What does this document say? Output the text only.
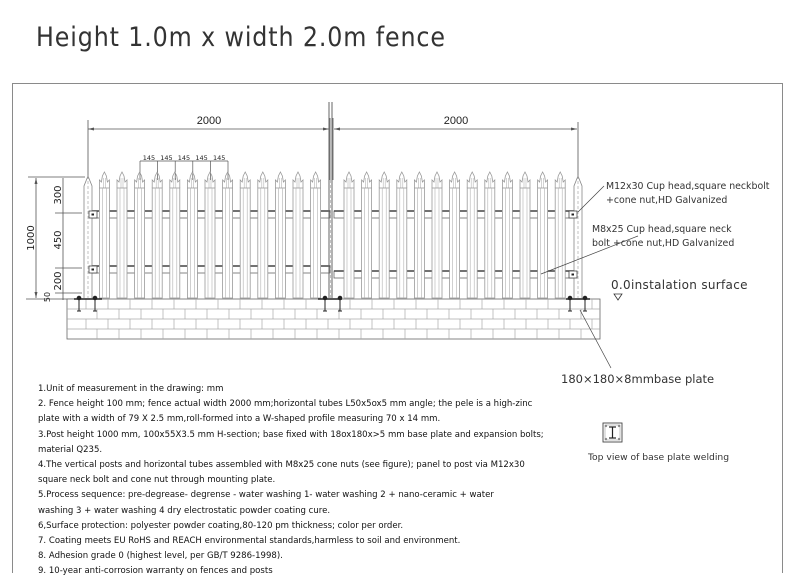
Height 1.0m x width 2.0m fence
2000	2000
145 145 145 145 145
1000
300
450
200
50
M12x30 Cup head,square neckbolt
+cone nut,HD Galvanized
M8x25 Cup head,square neck
bolt +cone nut,HD Galvanized
0.0instalation surface
180×180×8mmbase plate
Top view of base plate welding
1.Unit of measurement in the drawing: mm
2. Fence height 100 mm; fence actual width 2000 mm;horizontal tubes L50x5ox5 mm angle; the pele is a high-zinc
plate with a width of 79 X 2.5 mm,roll-formed into a W-shaped profile measuring 70 x 14 mm.
3.Post height 1000 mm, 100x55X3.5 mm H-section; base fixed with 18ox180x>5 mm base plate and expansion bolts;
material Q235.
4.The vertical posts and horizontal tubes assembled with M8x25 cone nuts (see figure); panel to post via M12x30
square neck bolt and cone nut through mounting plate.
5.Process sequence: pre-degrease- degrense - water washing 1- water washing 2 + nano-ceramic + water
washing 3 + water washing 4 dry electrostatic powder coating cure.
6,Surface protection: polyester powder coating,80-120 pm thickness; color per order.
7. Coating meets EU RoHS and REACH environmental standards,harmless to soil and environment.
8. Adhesion grade 0 (highest level, per GB/T 9286-1998).
9. 10-year anti-corrosion warranty on fences and posts
